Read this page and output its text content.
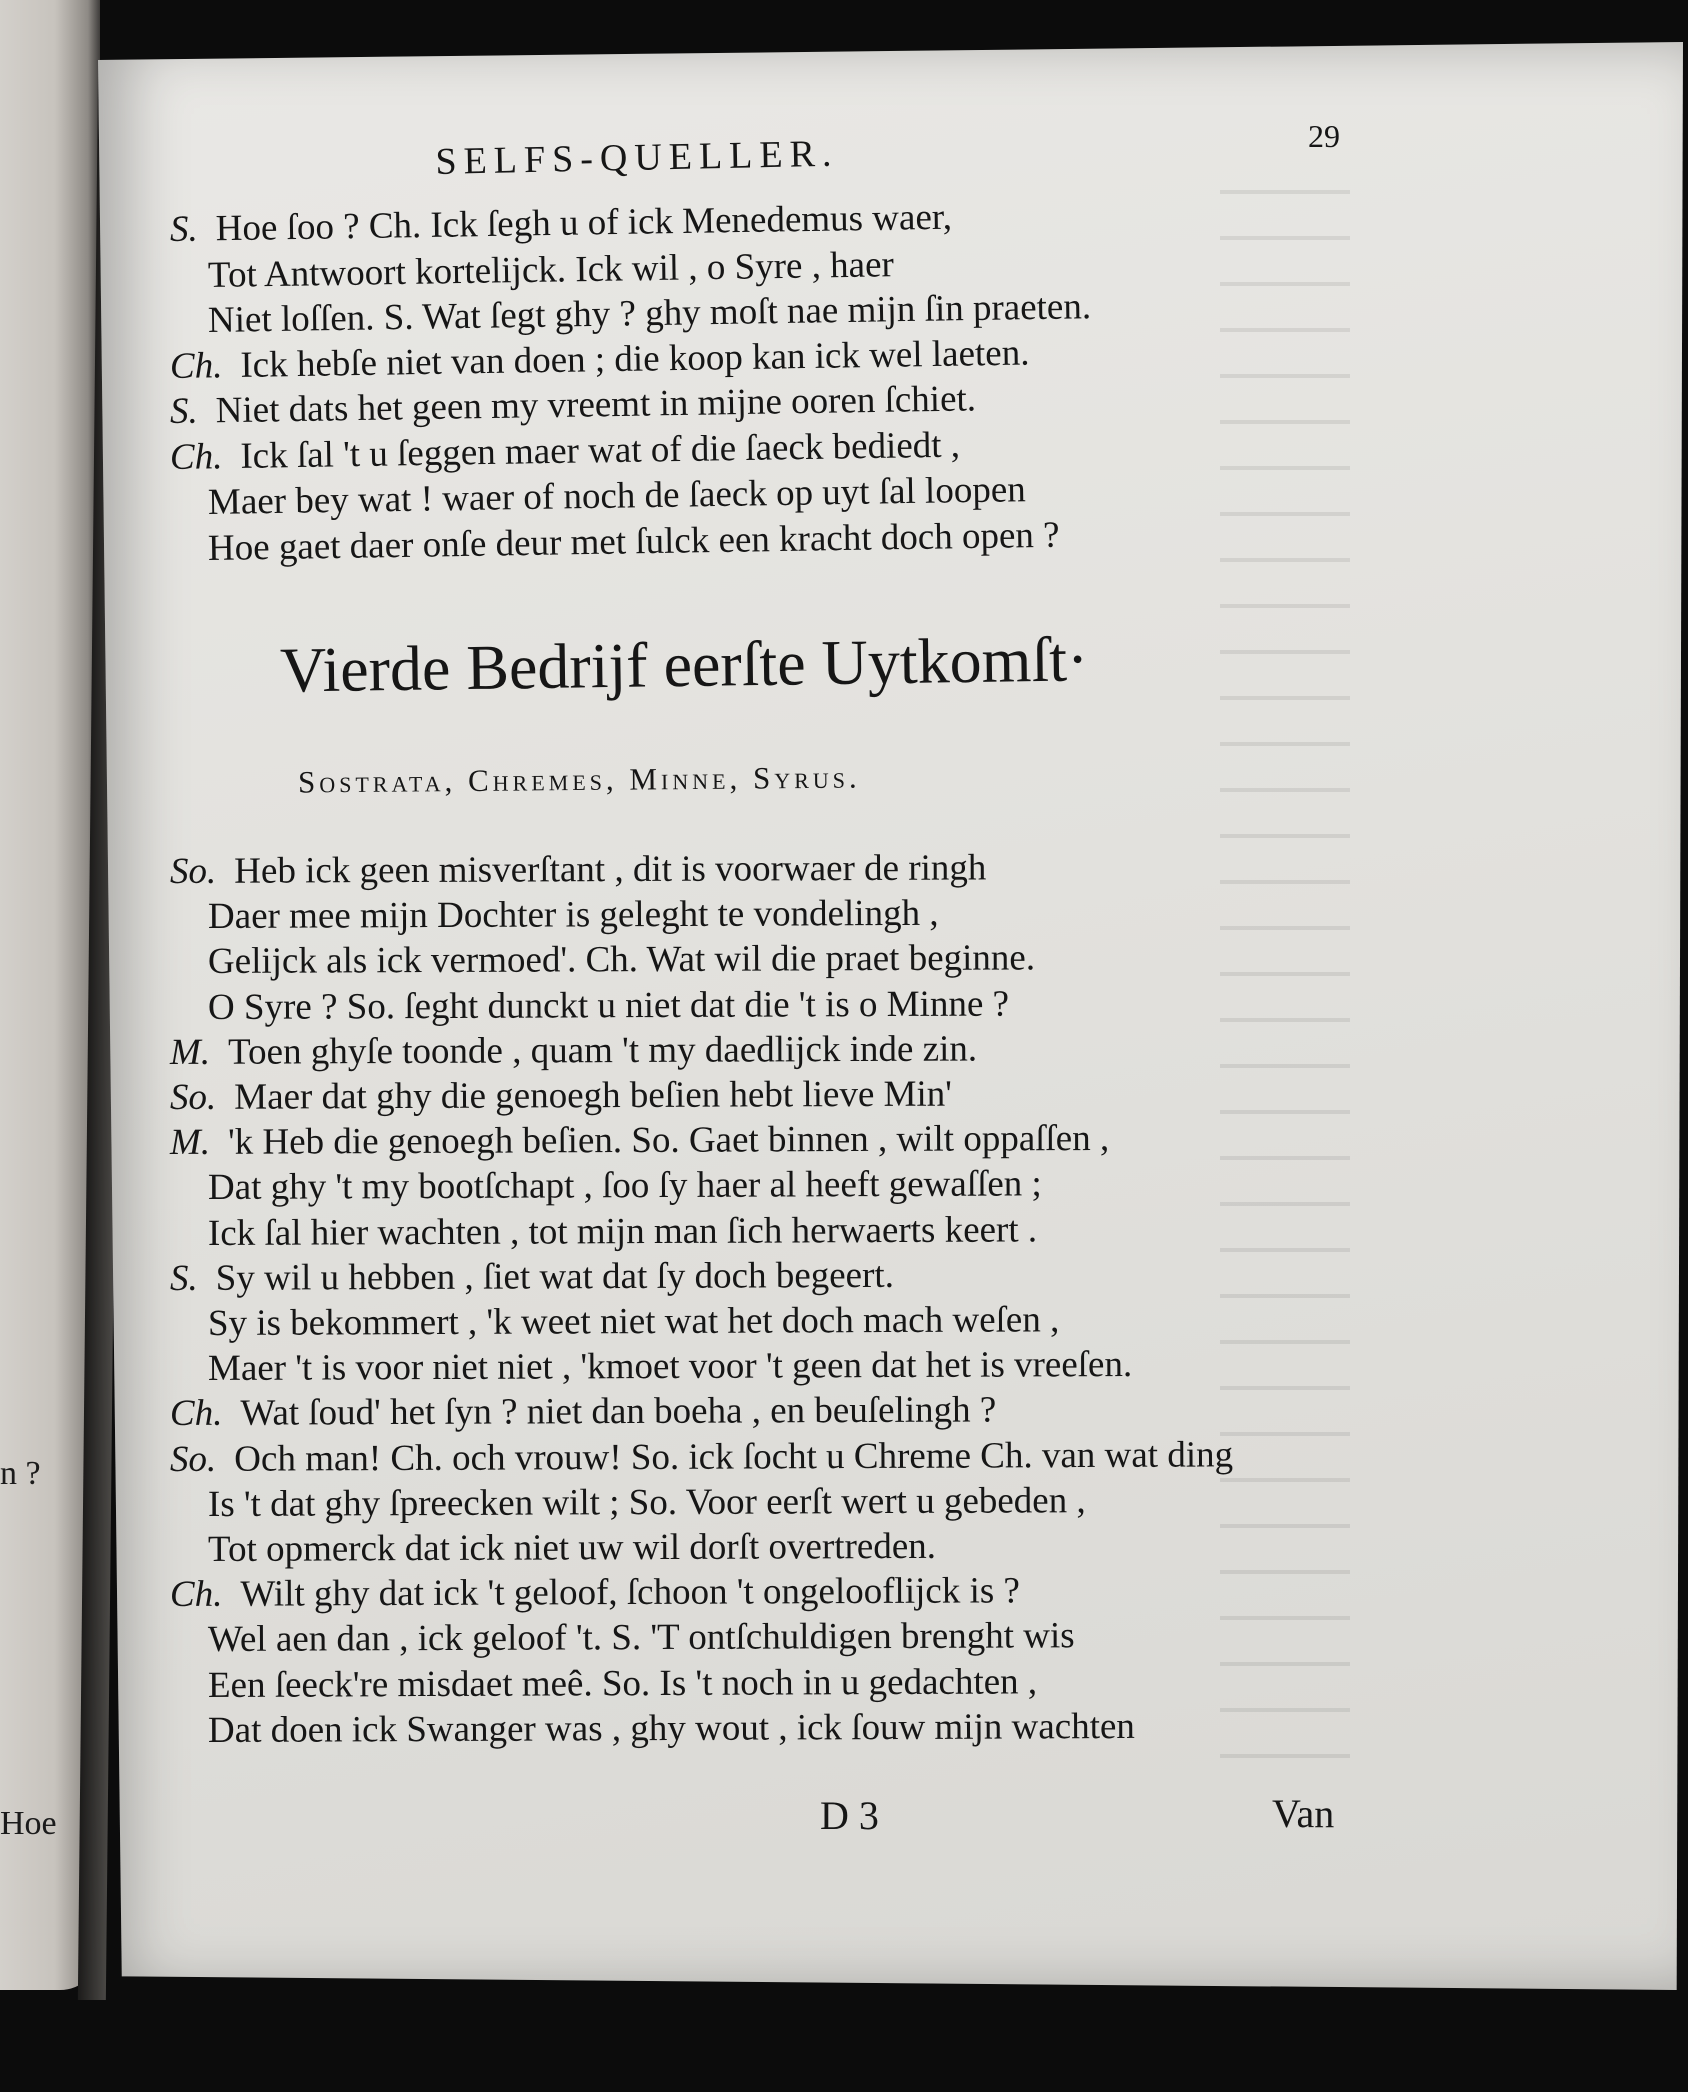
n ?
Hoe
SELFS-QUELLER.	29
S. Hoe ſoo ? Ch. Ick ſegh u of ick Menedemus waer,
Tot Antwoort kortelijck. Ick wil , o Syre , haer
Niet loſſen. S. Wat ſegt ghy ? ghy moſt nae mijn ſin praeten.
Ch. Ick hebſe niet van doen ; die koop kan ick wel laeten.
S. Niet dats het geen my vreemt in mijne ooren ſchiet.
Ch. Ick ſal 't u ſeggen maer wat of die ſaeck bediedt ,
Maer bey wat ! waer of noch de ſaeck op uyt ſal loopen
Hoe gaet daer onſe deur met ſulck een kracht doch open ?
Vierde Bedrijf eerſte Uytkomſt·
Sostrata, Chremes, Minne, Syrus.
So. Heb ick geen misverſtant , dit is voorwaer de ringh
Daer mee mijn Dochter is geleght te vondelingh ,
Gelijck als ick vermoed'. Ch. Wat wil die praet beginne.
O Syre ? So. ſeght dunckt u niet dat die 't is o Minne ?
M. Toen ghyſe toonde , quam 't my daedlijck inde zin.
So. Maer dat ghy die genoegh beſien hebt lieve Min'
M. 'k Heb die genoegh beſien. So. Gaet binnen , wilt oppaſſen ,
Dat ghy 't my bootſchapt , ſoo ſy haer al heeft gewaſſen ;
Ick ſal hier wachten , tot mijn man ſich herwaerts keert .
S. Sy wil u hebben , ſiet wat dat ſy doch begeert.
Sy is bekommert , 'k weet niet wat het doch mach weſen ,
Maer 't is voor niet niet , 'kmoet voor 't geen dat het is vreeſen.
Ch. Wat ſoud' het ſyn ? niet dan boeha , en beuſelingh ?
So. Och man! Ch. och vrouw! So. ick ſocht u Chreme Ch. van wat ding
Is 't dat ghy ſpreecken wilt ; So. Voor eerſt wert u gebeden ,
Tot opmerck dat ick niet uw wil dorſt overtreden.
Ch. Wilt ghy dat ick 't geloof, ſchoon 't ongelooflijck is ?
Wel aen dan , ick geloof 't. S. 'T ontſchuldigen brenght wis
Een ſeeck're misdaet meê. So. Is 't noch in u gedachten ,
Dat doen ick Swanger was , ghy wout , ick ſouw mijn wachten
D 3	Van
